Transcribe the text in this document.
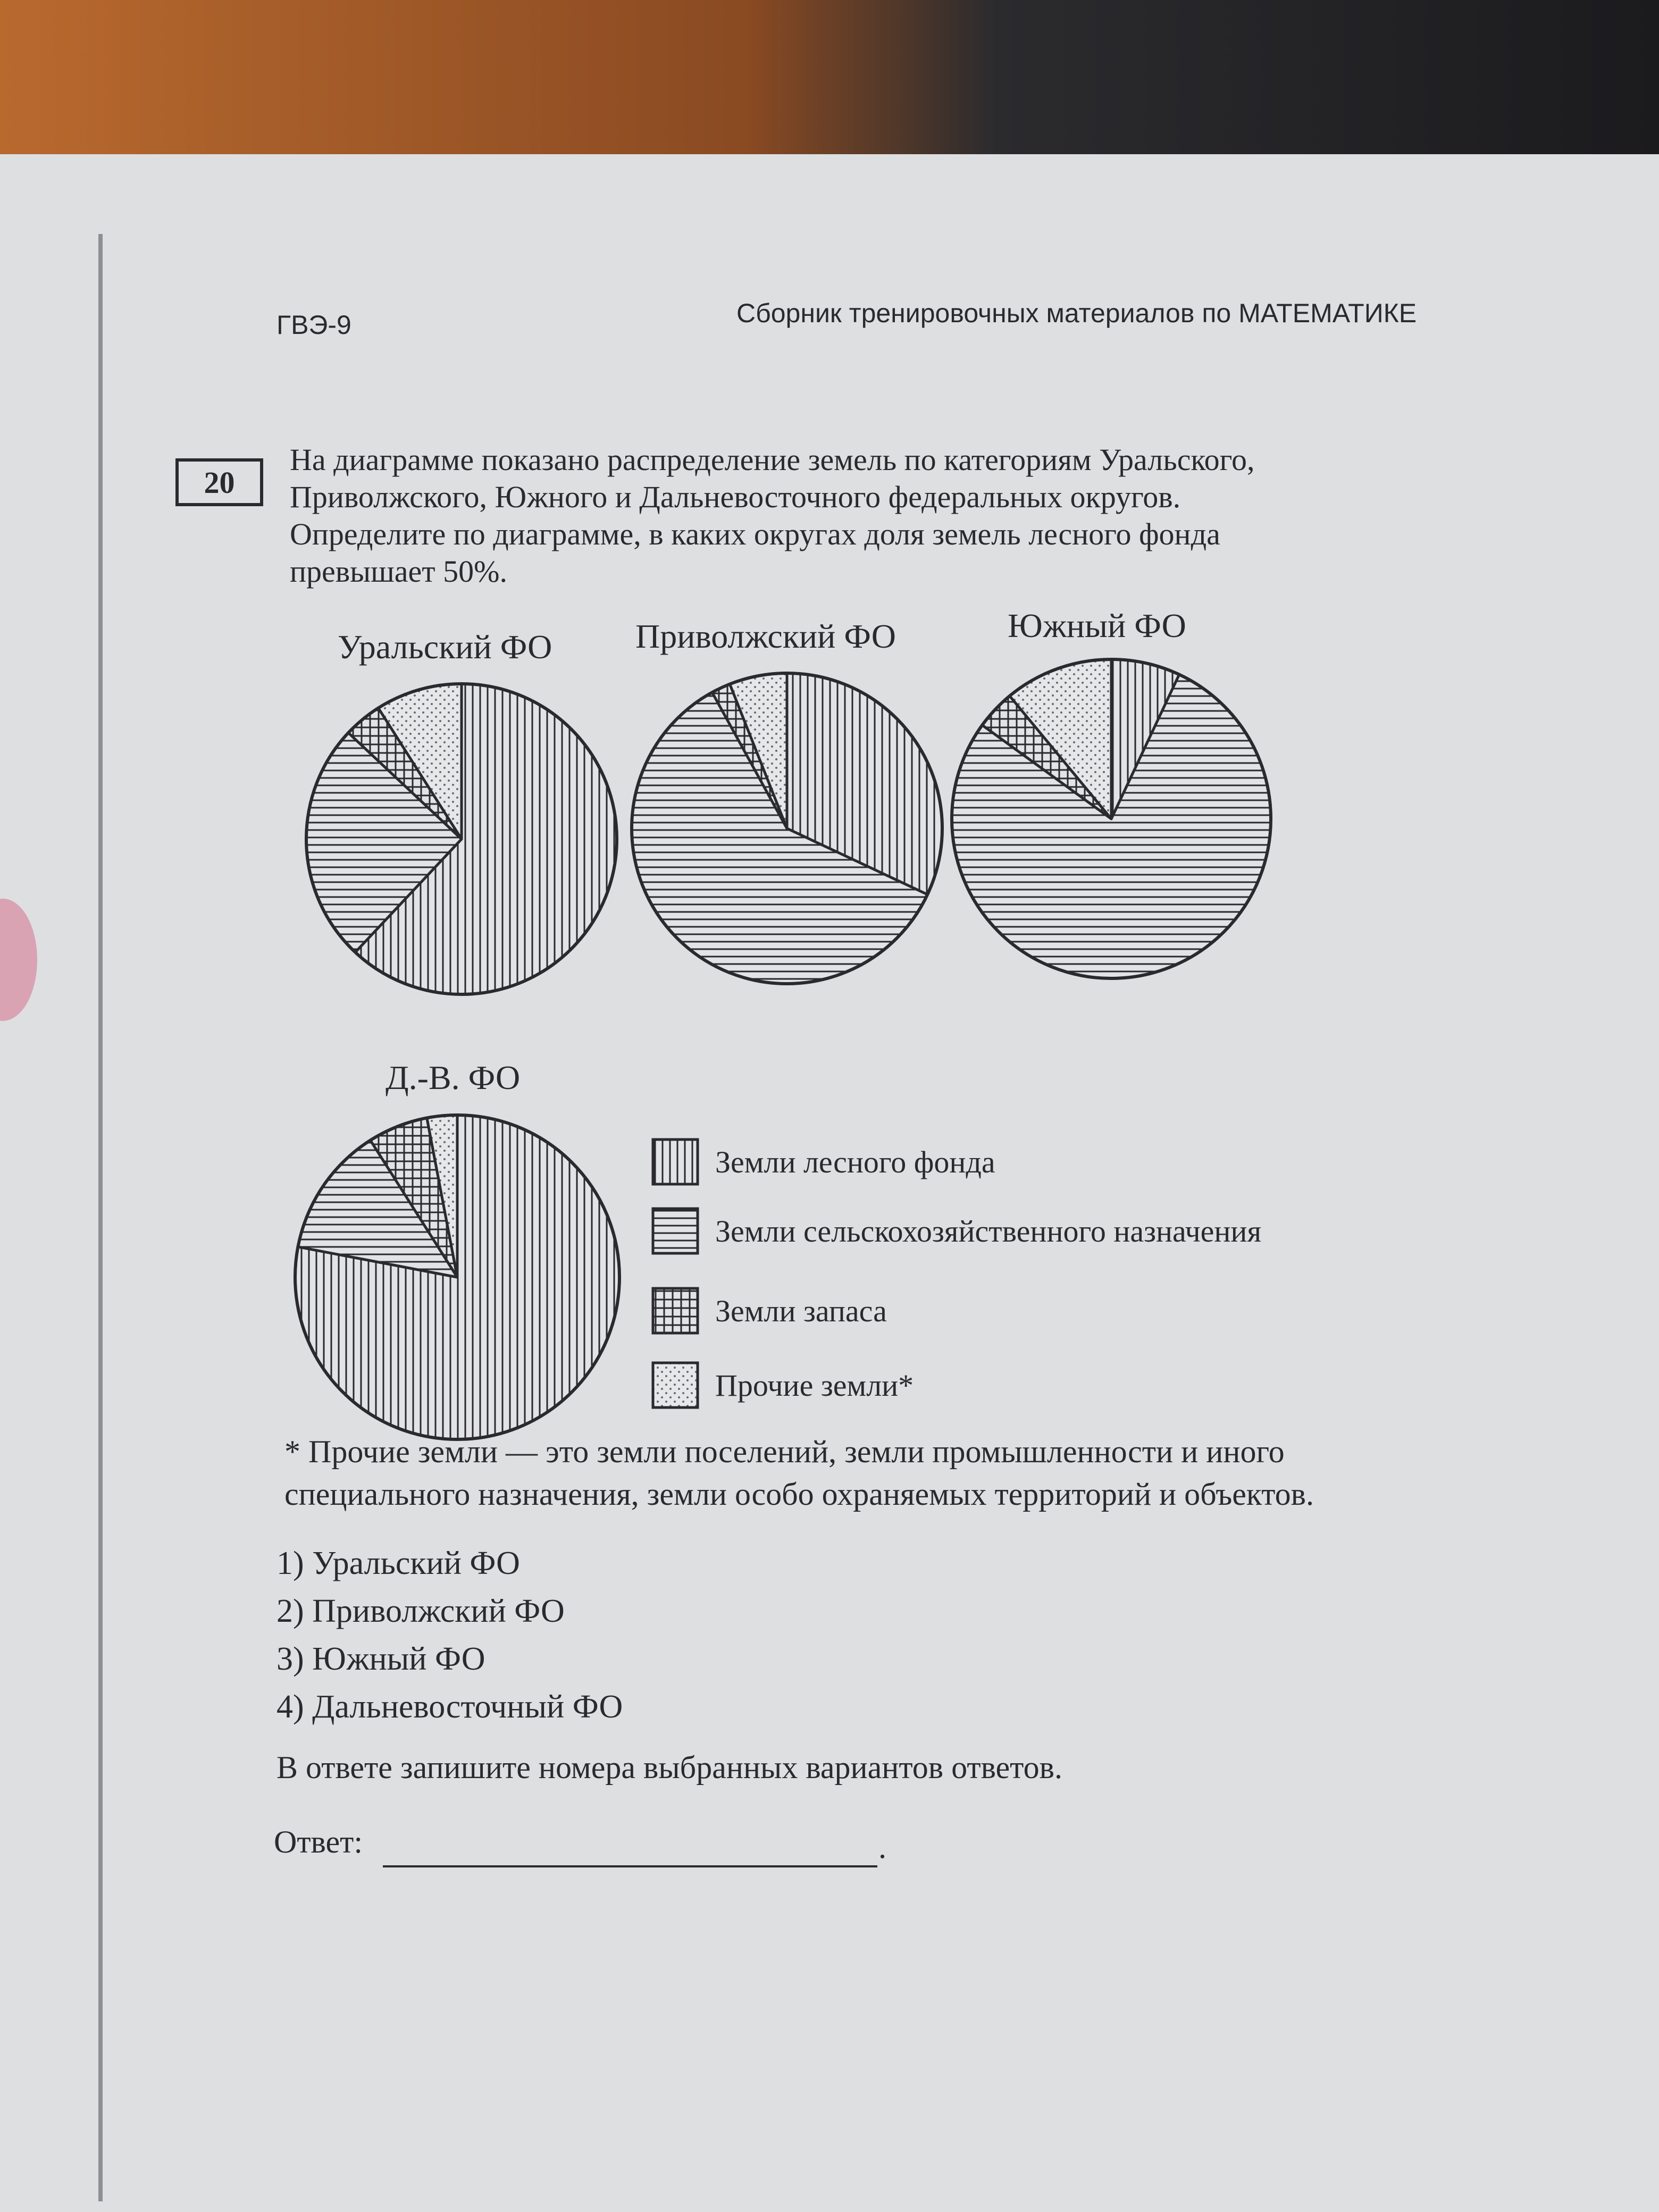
ГВЭ-9	Сборник тренировочных материалов по МАТЕМАТИКЕ
20
На диаграмме показано распределение земель по категориям Уральского,
Приволжского, Южного и Дальневосточного федеральных округов.
Определите по диаграмме, в каких округах доля земель лесного фонда
превышает 50%.
Уральский ФО Приволжский ФО	Южный ФО
Д.-В. ФО
Земли лесного фонда
Земли сельскохозяйственного назначения
Земли запаса
Прочие земли*
* Прочие земли — это земли поселений, земли промышленности и иного
специального назначения, земли особо охраняемых территорий и объектов.
1) Уральский ФО
2) Приволжский ФО
3) Южный ФО
4) Дальневосточный ФО
В ответе запишите номера выбранных вариантов ответов.
Ответ:	.
